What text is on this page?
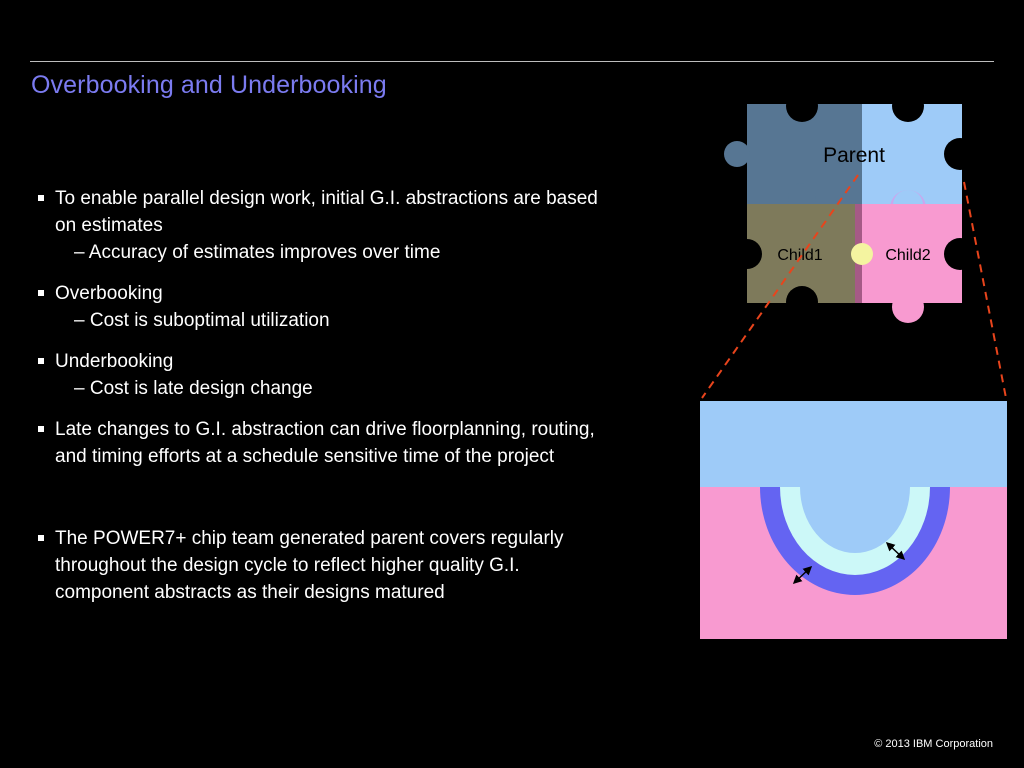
Overbooking and Underbooking
To enable parallel design work, initial G.I. abstractions are based on estimates
– Accuracy of estimates improves over time
Overbooking
– Cost is suboptimal utilization
Underbooking
– Cost is late design change
Late changes to G.I. abstraction can drive floorplanning, routing, and timing efforts at a schedule sensitive time of the project
The POWER7+ chip team generated parent covers regularly throughout the design cycle to reflect higher quality G.I. component abstracts as their designs matured
Parent
Child1	Child2
© 2013 IBM Corporation
